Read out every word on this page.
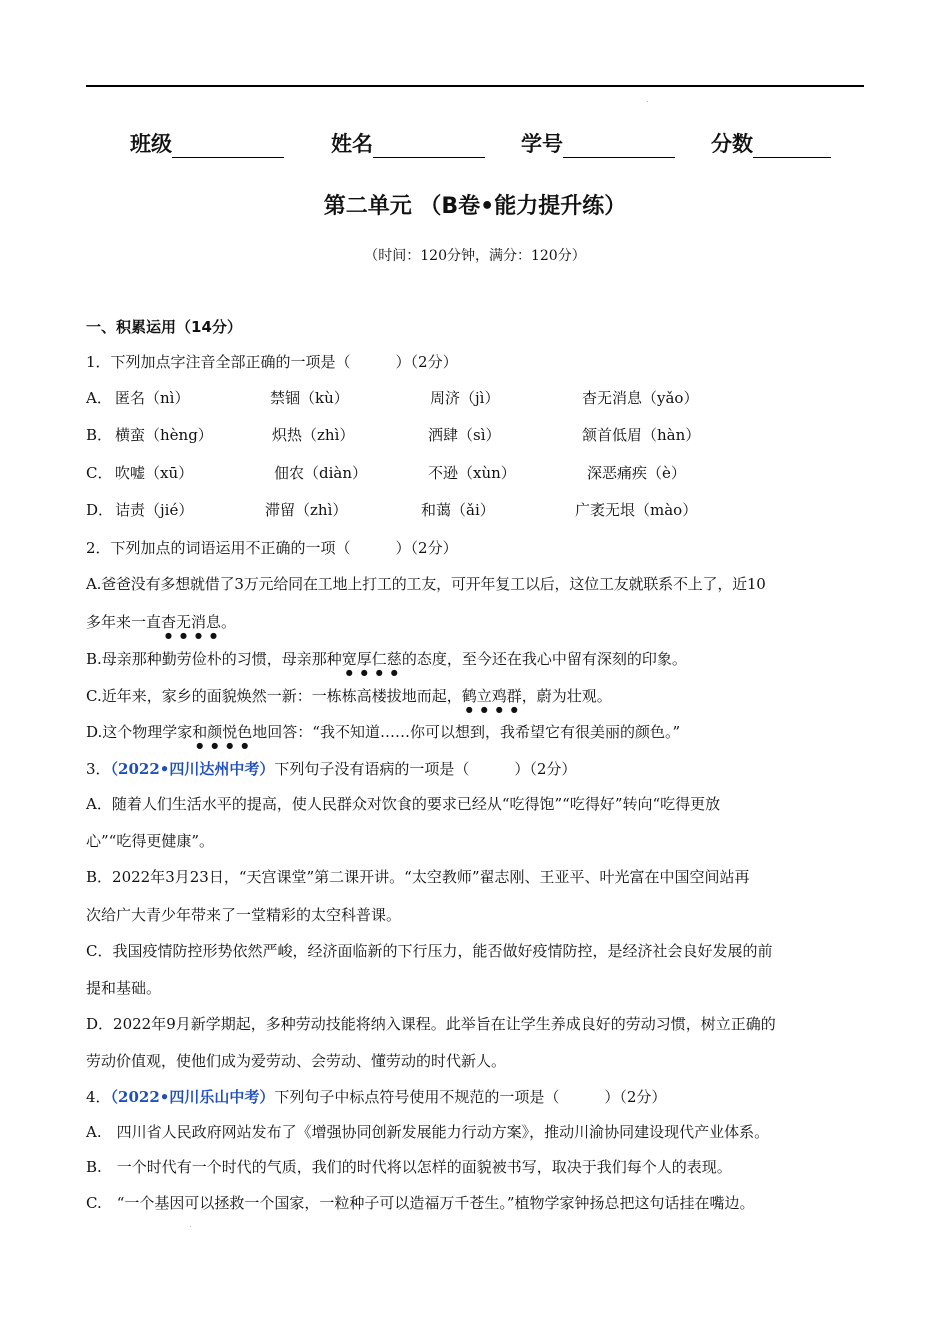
班级	姓名	学号	分数
第二单元 （B卷•能力提升练）
（时间：120分钟，满分：120分）
一、积累运用（14分）
1．下列加点字注音全部正确的一项是（　　　）（2分）
A． 匿名（nì）	禁锢（kù）	周济（jì）	杳无消息（yǎo）
B． 横蛮（hèng）	炽热（zhì）	洒肆（sì）	颔首低眉（hàn）
C． 吹嘘（xū）	佃农（diàn）	不逊（xùn）	深恶痛疾（è）
D． 诘责（jié）	滞留（zhì）	和蔼（ǎi）	广袤无垠（mào）
2．下列加点的词语运用不正确的一项（　　　）（2分）
A.爸爸没有多想就借了3万元给同在工地上打工的工友，可开年复工以后，这位工友就联系不上了，近10
多年来一直杳无消息。
B.母亲那种勤劳俭朴的习惯，母亲那种宽厚仁慈的态度，至今还在我心中留有深刻的印象。
C.近年来，家乡的面貌焕然一新：一栋栋高楼拔地而起，鹤立鸡群，蔚为壮观。
D.这个物理学家和颜悦色地回答：“我不知道……你可以想到，我希望它有很美丽的颜色。”
3．（2022•四川达州中考）下列句子没有语病的一项是（　　　）（2分）
A．随着人们生活水平的提高，使人民群众对饮食的要求已经从“吃得饱”“吃得好”转向“吃得更放
心”“吃得更健康”。
B．2022年3月23日，“天宫课堂”第二课开讲。“太空教师”翟志刚、王亚平、叶光富在中国空间站再
次给广大青少年带来了一堂精彩的太空科普课。
C．我国疫情防控形势依然严峻，经济面临新的下行压力，能否做好疫情防控，是经济社会良好发展的前
提和基础。
D．2022年9月新学期起，多种劳动技能将纳入课程。此举旨在让学生养成良好的劳动习惯，树立正确的
劳动价值观，使他们成为爱劳动、会劳动、懂劳动的时代新人。
4．（2022•四川乐山中考）下列句子中标点符号使用不规范的一项是（　　　）（2分）
A.　四川省人民政府网站发布了《增强协同创新发展能力行动方案》，推动川渝协同建设现代产业体系。
B.　一个时代有一个时代的气质，我们的时代将以怎样的面貌被书写，取决于我们每个人的表现。
C.　“一个基因可以拯救一个国家，一粒种子可以造福万千苍生。”植物学家钟扬总把这句话挂在嘴边。
